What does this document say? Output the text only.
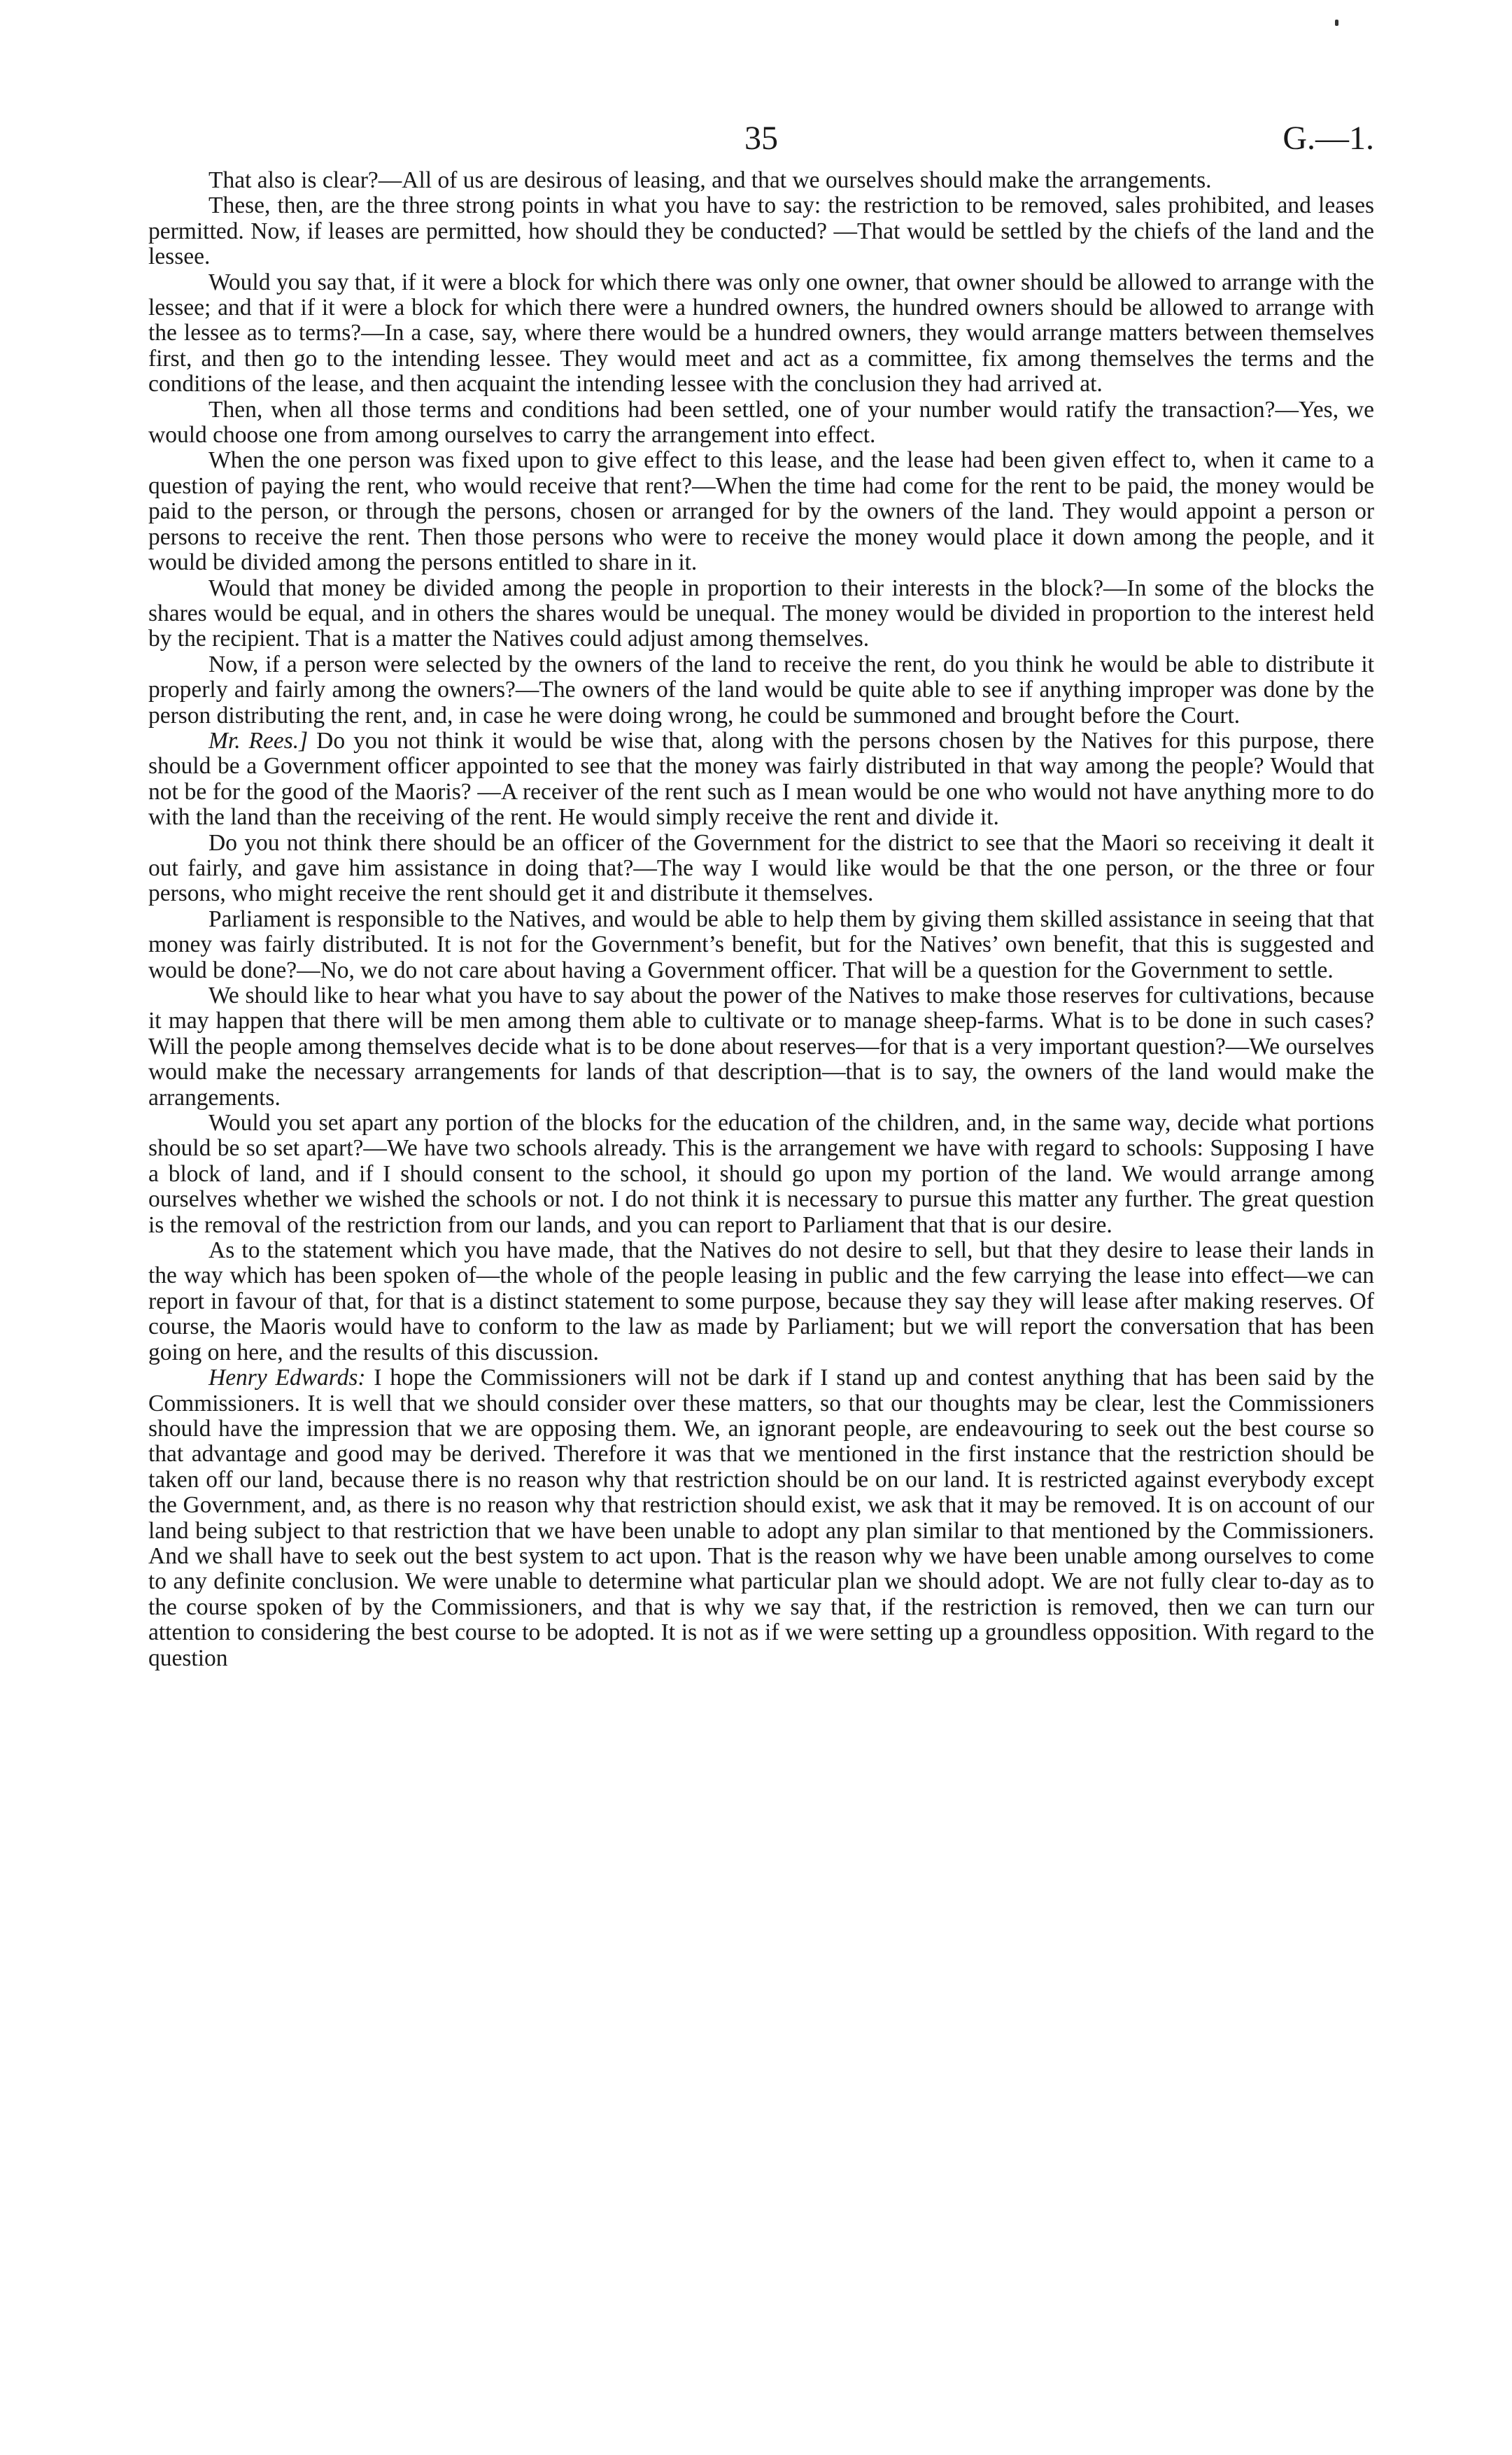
35	G.—1.

That also is clear?—All of us are desirous of leasing, and that we ourselves should make the arrangements.

These, then, are the three strong points in what you have to say: the restriction to be removed, sales prohibited, and leases permitted. Now, if leases are permitted, how should they be conducted? —That would be settled by the chiefs of the land and the lessee.

Would you say that, if it were a block for which there was only one owner, that owner should be allowed to arrange with the lessee; and that if it were a block for which there were a hundred owners, the hundred owners should be allowed to arrange with the lessee as to terms?—In a case, say, where there would be a hundred owners, they would arrange matters between themselves first, and then go to the intending lessee. They would meet and act as a committee, fix among themselves the terms and the conditions of the lease, and then acquaint the intending lessee with the conclusion they had arrived at.

Then, when all those terms and conditions had been settled, one of your number would ratify the transaction?—Yes, we would choose one from among ourselves to carry the arrangement into effect.

When the one person was fixed upon to give effect to this lease, and the lease had been given effect to, when it came to a question of paying the rent, who would receive that rent?—When the time had come for the rent to be paid, the money would be paid to the person, or through the persons, chosen or arranged for by the owners of the land. They would appoint a person or persons to receive the rent. Then those persons who were to receive the money would place it down among the people, and it would be divided among the persons entitled to share in it.

Would that money be divided among the people in proportion to their interests in the block?—In some of the blocks the shares would be equal, and in others the shares would be unequal. The money would be divided in proportion to the interest held by the recipient. That is a matter the Natives could adjust among themselves.

Now, if a person were selected by the owners of the land to receive the rent, do you think he would be able to distribute it properly and fairly among the owners?—The owners of the land would be quite able to see if anything improper was done by the person distributing the rent, and, in case he were doing wrong, he could be summoned and brought before the Court.

Mr. Rees.] Do you not think it would be wise that, along with the persons chosen by the Natives for this purpose, there should be a Government officer appointed to see that the money was fairly distributed in that way among the people? Would that not be for the good of the Maoris? —A receiver of the rent such as I mean would be one who would not have anything more to do with the land than the receiving of the rent. He would simply receive the rent and divide it.

Do you not think there should be an officer of the Government for the district to see that the Maori so receiving it dealt it out fairly, and gave him assistance in doing that?—The way I would like would be that the one person, or the three or four persons, who might receive the rent should get it and distribute it themselves.

Parliament is responsible to the Natives, and would be able to help them by giving them skilled assistance in seeing that that money was fairly distributed. It is not for the Government’s benefit, but for the Natives’ own benefit, that this is suggested and would be done?—No, we do not care about having a Government officer. That will be a question for the Government to settle.

We should like to hear what you have to say about the power of the Natives to make those reserves for cultivations, because it may happen that there will be men among them able to cultivate or to manage sheep-farms. What is to be done in such cases? Will the people among themselves decide what is to be done about reserves—for that is a very important question?—We ourselves would make the necessary arrangements for lands of that description—that is to say, the owners of the land would make the arrangements.

Would you set apart any portion of the blocks for the education of the children, and, in the same way, decide what portions should be so set apart?—We have two schools already. This is the arrangement we have with regard to schools: Supposing I have a block of land, and if I should consent to the school, it should go upon my portion of the land. We would arrange among ourselves whether we wished the schools or not. I do not think it is necessary to pursue this matter any further. The great question is the removal of the restriction from our lands, and you can report to Parliament that that is our desire.

As to the statement which you have made, that the Natives do not desire to sell, but that they desire to lease their lands in the way which has been spoken of—the whole of the people leasing in public and the few carrying the lease into effect—we can report in favour of that, for that is a distinct statement to some purpose, because they say they will lease after making reserves. Of course, the Maoris would have to conform to the law as made by Parliament; but we will report the conversation that has been going on here, and the results of this discussion.

Henry Edwards: I hope the Commissioners will not be dark if I stand up and contest anything that has been said by the Commissioners. It is well that we should consider over these matters, so that our thoughts may be clear, lest the Commissioners should have the impression that we are opposing them. We, an ignorant people, are endeavouring to seek out the best course so that advantage and good may be derived. Therefore it was that we mentioned in the first instance that the restriction should be taken off our land, because there is no reason why that restriction should be on our land. It is restricted against everybody except the Government, and, as there is no reason why that restriction should exist, we ask that it may be removed. It is on account of our land being subject to that restriction that we have been unable to adopt any plan similar to that mentioned by the Commissioners. And we shall have to seek out the best system to act upon. That is the reason why we have been unable among ourselves to come to any definite conclusion. We were unable to determine what particular plan we should adopt. We are not fully clear to-day as to the course spoken of by the Commissioners, and that is why we say that, if the restriction is removed, then we can turn our attention to considering the best course to be adopted. It is not as if we were setting up a groundless opposition. With regard to the question
